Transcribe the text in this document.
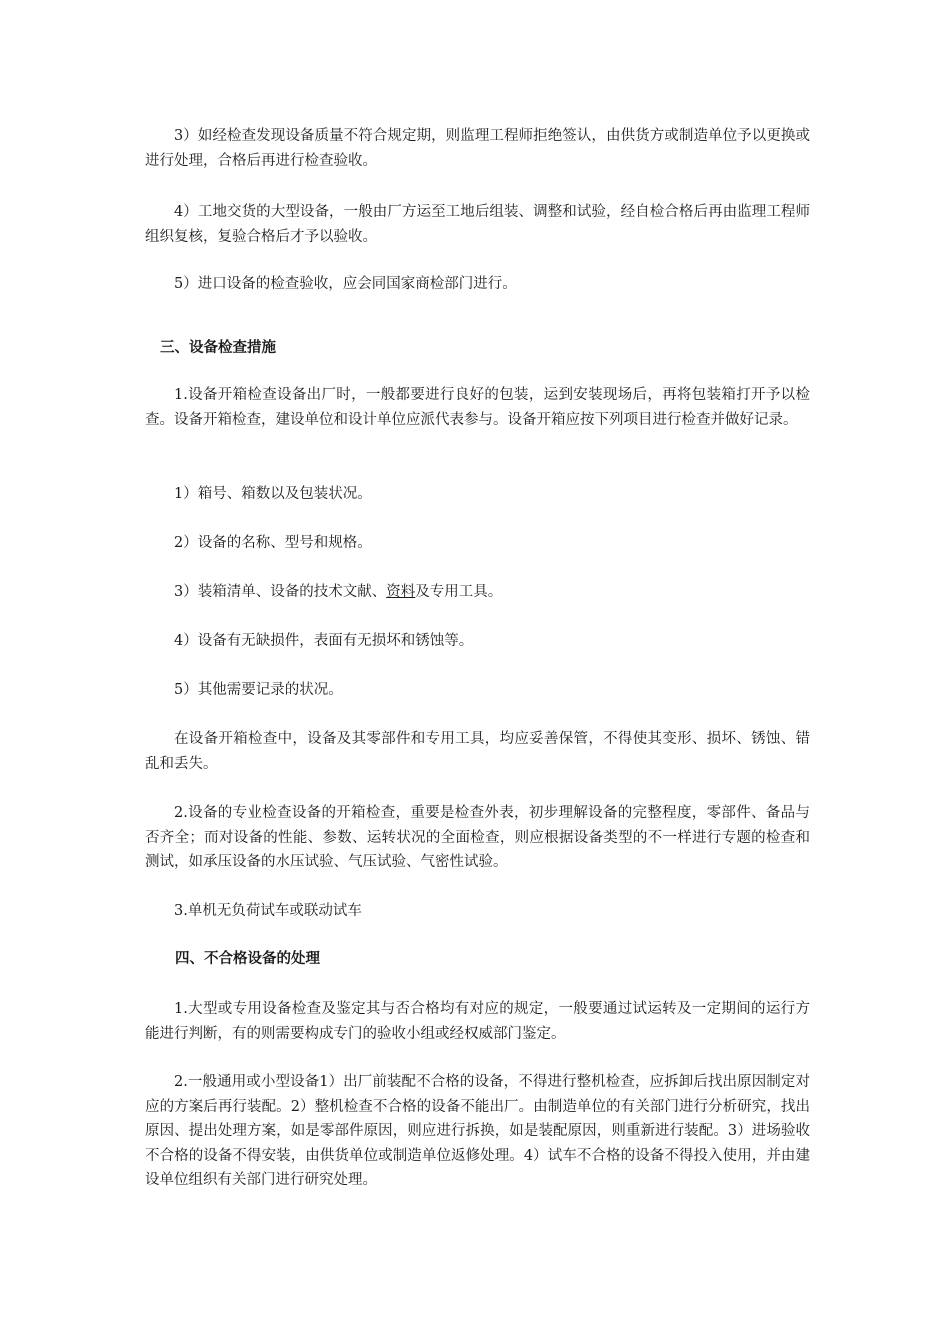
3）如经检查发现设备质量不符合规定期，则监理工程师拒绝签认，由供货方或制造单位予以更换或进行处理，合格后再进行检查验收。

4）工地交货的大型设备，一般由厂方运至工地后组装、调整和试验，经自检合格后再由监理工程师组织复核，复验合格后才予以验收。

5）进口设备的检查验收，应会同国家商检部门进行。

三、设备检查措施

1.设备开箱检查设备出厂时，一般都要进行良好的包装，运到安装现场后，再将包装箱打开予以检查。设备开箱检查，建设单位和设计单位应派代表参与。设备开箱应按下列项目进行检查并做好记录。

1）箱号、箱数以及包装状况。

2）设备的名称、型号和规格。

3）装箱清单、设备的技术文献、资料及专用工具。

4）设备有无缺损件，表面有无损坏和锈蚀等。

5）其他需要记录的状况。

在设备开箱检查中，设备及其零部件和专用工具，均应妥善保管，不得使其变形、损坏、锈蚀、错乱和丢失。

2.设备的专业检查设备的开箱检查，重要是检查外表，初步理解设备的完整程度，零部件、备品与否齐全；而对设备的性能、参数、运转状况的全面检查，则应根据设备类型的不一样进行专题的检查和测试，如承压设备的水压试验、气压试验、气密性试验。

3.单机无负荷试车或联动试车

四、不合格设备的处理

1.大型或专用设备检查及鉴定其与否合格均有对应的规定，一般要通过试运转及一定期间的运行方能进行判断，有的则需要构成专门的验收小组或经权威部门鉴定。

2.一般通用或小型设备1）出厂前装配不合格的设备，不得进行整机检查，应拆卸后找出原因制定对应的方案后再行装配。2）整机检查不合格的设备不能出厂。由制造单位的有关部门进行分析研究，找出原因、提出处理方案，如是零部件原因，则应进行拆换，如是装配原因，则重新进行装配。3）进场验收不合格的设备不得安装，由供货单位或制造单位返修处理。4）试车不合格的设备不得投入使用，并由建设单位组织有关部门进行研究处理。
